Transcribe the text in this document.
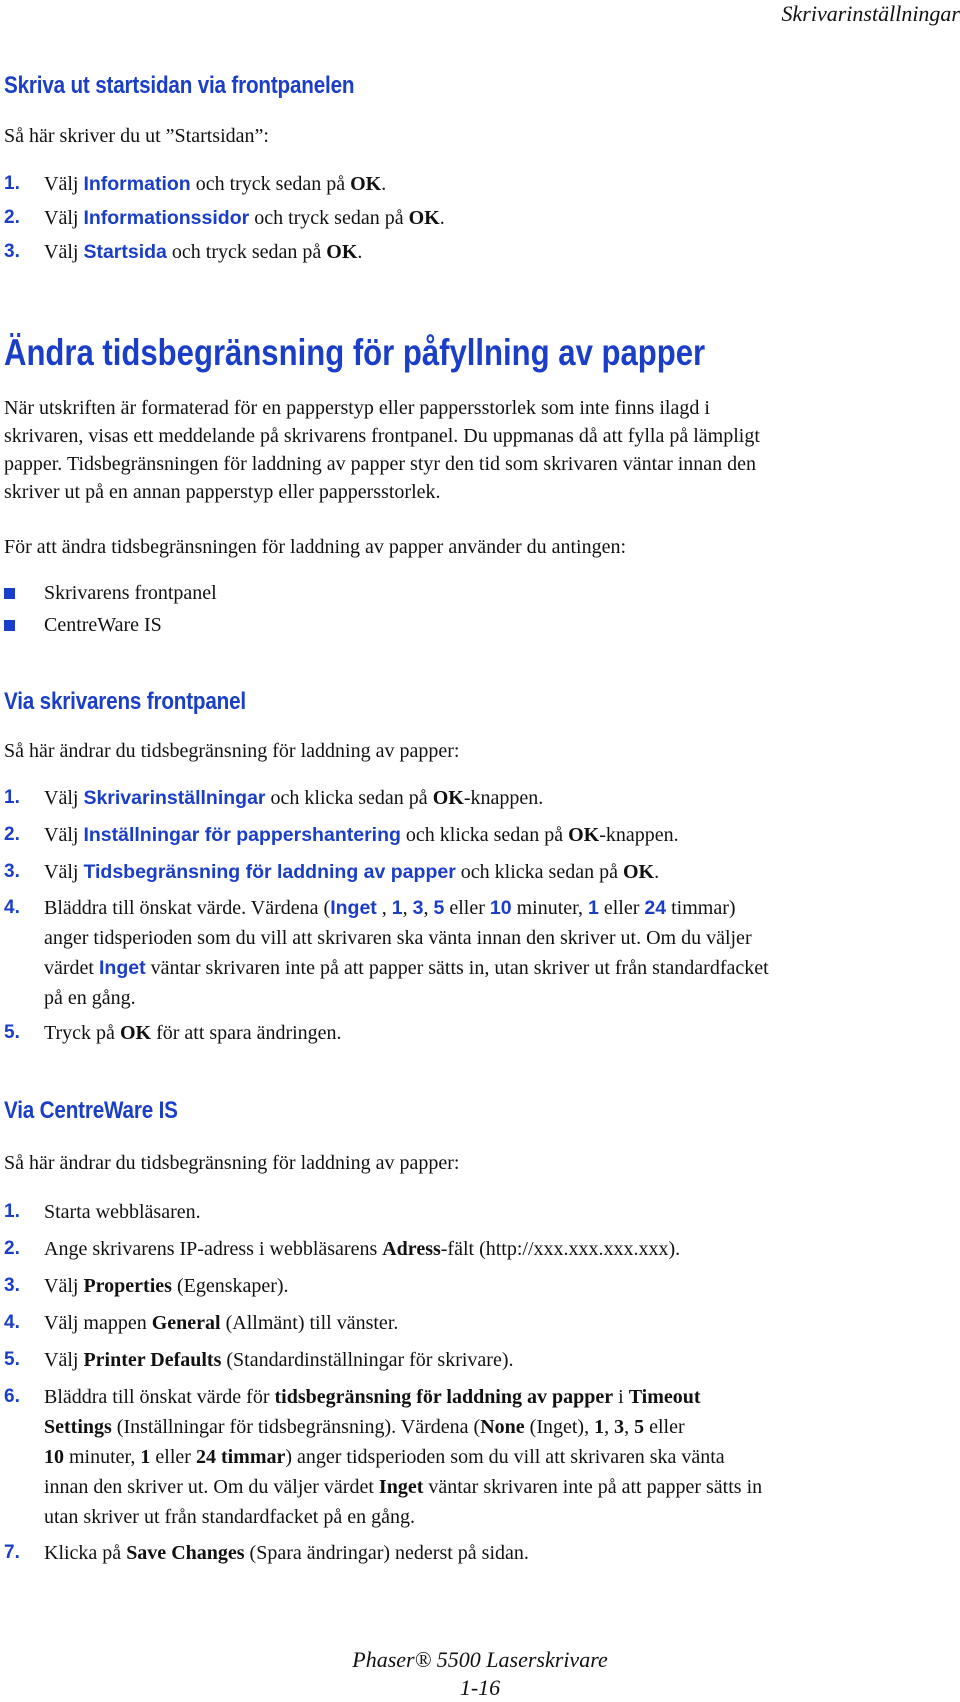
Skrivarinställningar

Skriva ut startsidan via frontpanelen

Så här skriver du ut ”Startsidan”:

1.	Välj Information och tryck sedan på OK.
2.	Välj Informationssidor och tryck sedan på OK.
3.	Välj Startsida och tryck sedan på OK.

Ändra tidsbegränsning för påfyllning av papper

När utskriften är formaterad för en papperstyp eller pappersstorlek som inte finns ilagd i

skrivaren, visas ett meddelande på skrivarens frontpanel. Du uppmanas då att fylla på lämpligt

papper. Tidsbegränsningen för laddning av papper styr den tid som skrivaren väntar innan den

skriver ut på en annan papperstyp eller pappersstorlek.

För att ändra tidsbegränsningen för laddning av papper använder du antingen:

Skrivarens frontpanel
CentreWare IS

Via skrivarens frontpanel

Så här ändrar du tidsbegränsning för laddning av papper:

1.	Välj Skrivarinställningar och klicka sedan på OK-knappen.
2.	Välj Inställningar för pappershantering och klicka sedan på OK-knappen.
3.	Välj Tidsbegränsning för laddning av papper och klicka sedan på OK.
4.	Bläddra till önskat värde. Värdena (Inget , 1, 3, 5 eller 10 minuter, 1 eller 24 timmar)
anger tidsperioden som du vill att skrivaren ska vänta innan den skriver ut. Om du väljer
värdet Inget väntar skrivaren inte på att papper sätts in, utan skriver ut från standardfacket
på en gång.
5.	Tryck på OK för att spara ändringen.

Via CentreWare IS

Så här ändrar du tidsbegränsning för laddning av papper:

1.	Starta webbläsaren.
2.	Ange skrivarens IP-adress i webbläsarens Adress-fält (http://xxx.xxx.xxx.xxx).
3.	Välj Properties (Egenskaper).
4.	Välj mappen General (Allmänt) till vänster.
5.	Välj Printer Defaults (Standardinställningar för skrivare).
6.	Bläddra till önskat värde för tidsbegränsning för laddning av papper i Timeout
Settings (Inställningar för tidsbegränsning). Värdena (None (Inget), 1, 3, 5 eller
10 minuter, 1 eller 24 timmar) anger tidsperioden som du vill att skrivaren ska vänta
innan den skriver ut. Om du väljer värdet Inget väntar skrivaren inte på att papper sätts in
utan skriver ut från standardfacket på en gång.
7.	Klicka på Save Changes (Spara ändringar) nederst på sidan.
Phaser® 5500 Laserskrivare
1-16
